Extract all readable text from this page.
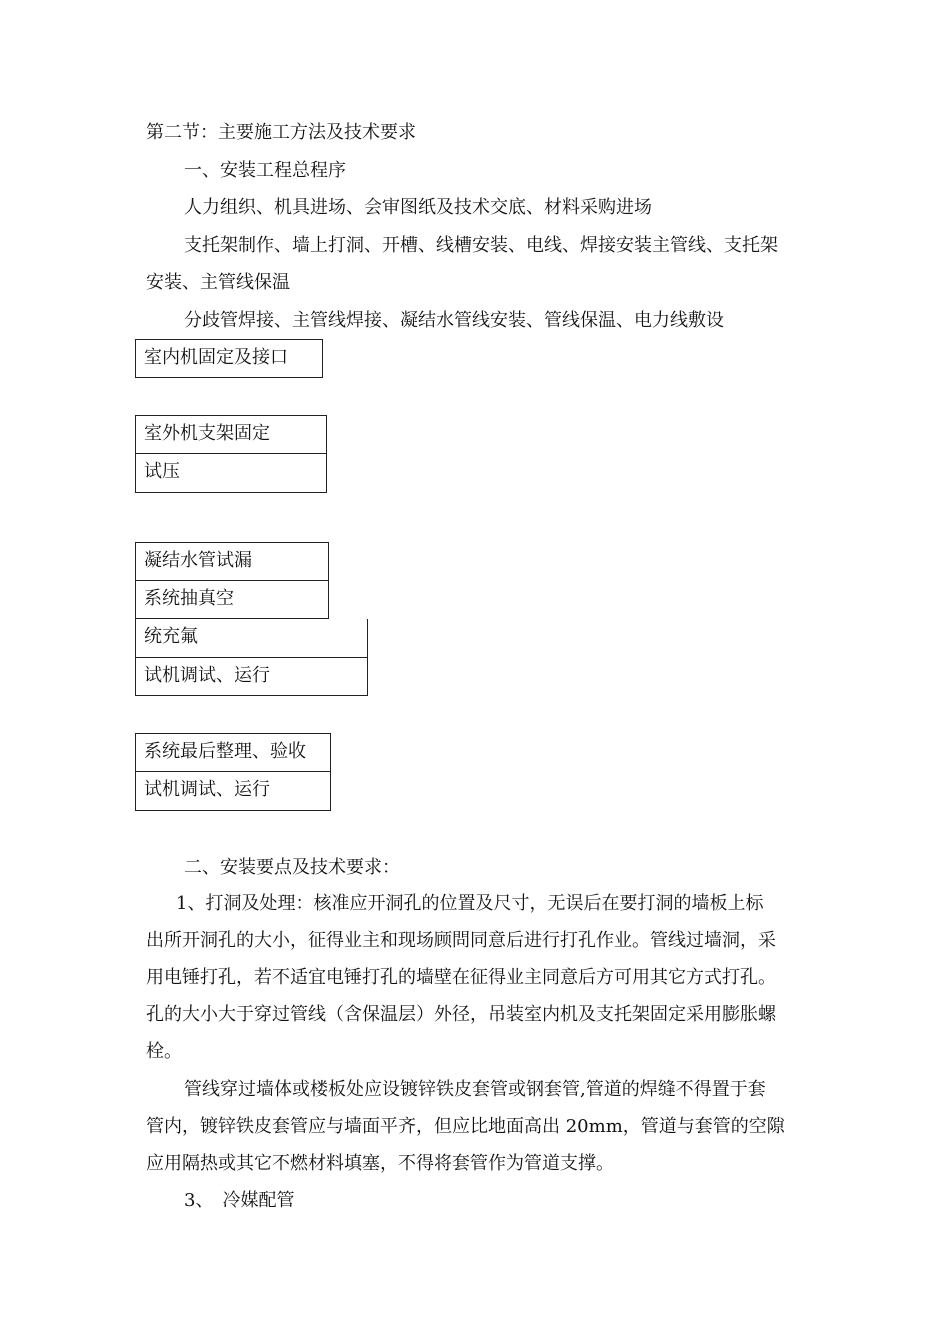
第二节：主要施工方法及技术要求

一、安装工程总程序

人力组织、机具进场、会审图纸及技术交底、材料采购进场

支托架制作、墙上打洞、开槽、线槽安装、电线、焊接安装主管线、支托架

安装、主管线保温

分歧管焊接、主管线焊接、凝结水管线安装、管线保温、电力线敷设

室内机固定及接口
室外机支架固定
试压
凝结水管试漏
系统抽真空
统充氟
试机调试、运行
系统最后整理、验收
试机调试、运行

二、安装要点及技术要求：

1、打洞及处理：核准应开洞孔的位置及尺寸，无误后在要打洞的墙板上标

出所开洞孔的大小，征得业主和现场顾問同意后进行打孔作业。管线过墙洞，采

用电锤打孔，若不适宜电锤打孔的墙壁在征得业主同意后方可用其它方式打孔。

孔的大小大于穿过管线（含保温层）外径，吊装室内机及支托架固定采用膨胀螺

栓。

管线穿过墙体或楼板处应设镀锌铁皮套管或钢套管,管道的焊缝不得置于套

管内，镀锌铁皮套管应与墙面平齐，但应比地面高出 20mm，管道与套管的空隙

应用隔热或其它不燃材料填塞，不得将套管作为管道支撑。

3、　冷媒配管
